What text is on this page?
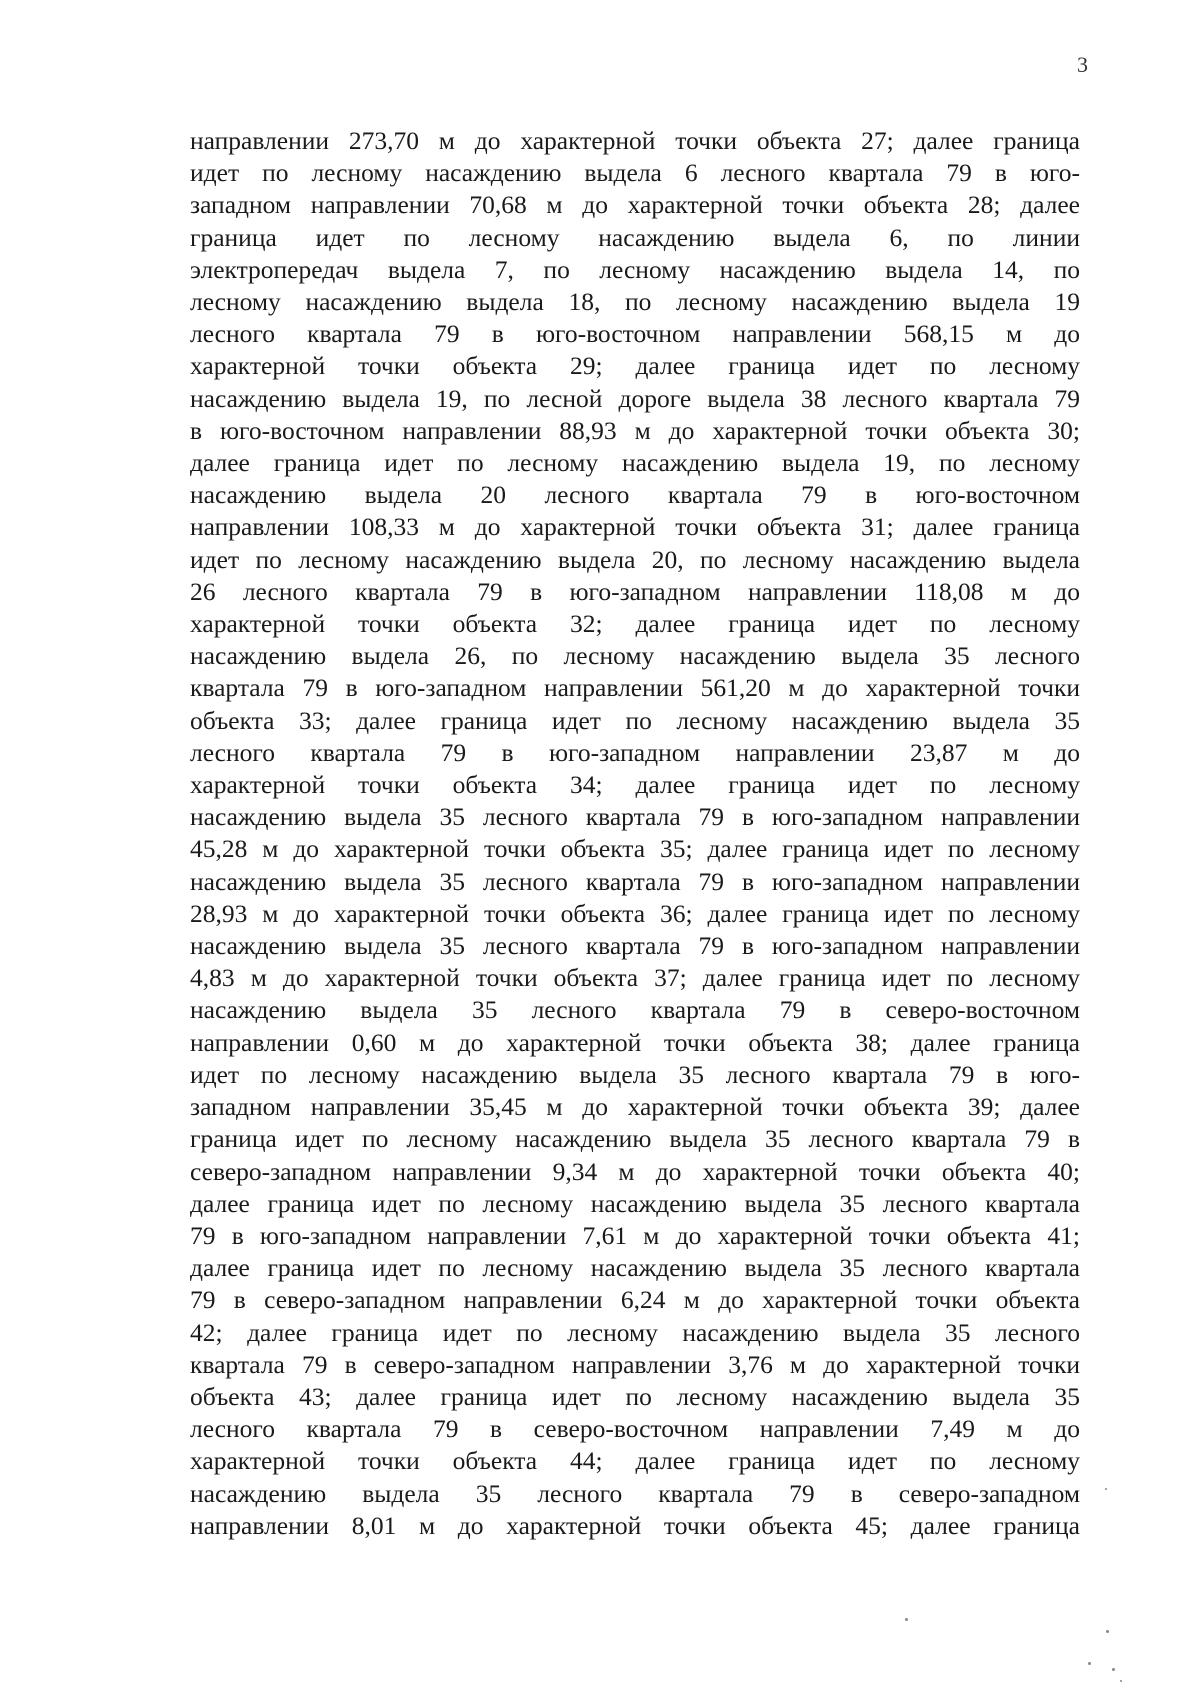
3
направлении 273,70 м до характерной точки объекта 27; далее граница
идет по лесному насаждению выдела 6 лесного квартала 79 в юго-
западном направлении 70,68 м до характерной точки объекта 28; далее
граница идет по лесному насаждению выдела 6, по линии
электропередач выдела 7, по лесному насаждению выдела 14, по
лесному насаждению выдела 18, по лесному насаждению выдела 19
лесного квартала 79 в юго-восточном направлении 568,15 м до
характерной точки объекта 29; далее граница идет по лесному
насаждению выдела 19, по лесной дороге выдела 38 лесного квартала 79
в юго-восточном направлении 88,93 м до характерной точки объекта 30;
далее граница идет по лесному насаждению выдела 19, по лесному
насаждению выдела 20 лесного квартала 79 в юго-восточном
направлении 108,33 м до характерной точки объекта 31; далее граница
идет по лесному насаждению выдела 20, по лесному насаждению выдела
26 лесного квартала 79 в юго-западном направлении 118,08 м до
характерной точки объекта 32; далее граница идет по лесному
насаждению выдела 26, по лесному насаждению выдела 35 лесного
квартала 79 в юго-западном направлении 561,20 м до характерной точки
объекта 33; далее граница идет по лесному насаждению выдела 35
лесного квартала 79 в юго-западном направлении 23,87 м до
характерной точки объекта 34; далее граница идет по лесному
насаждению выдела 35 лесного квартала 79 в юго-западном направлении
45,28 м до характерной точки объекта 35; далее граница идет по лесному
насаждению выдела 35 лесного квартала 79 в юго-западном направлении
28,93 м до характерной точки объекта 36; далее граница идет по лесному
насаждению выдела 35 лесного квартала 79 в юго-западном направлении
4,83 м до характерной точки объекта 37; далее граница идет по лесному
насаждению выдела 35 лесного квартала 79 в северо-восточном
направлении 0,60 м до характерной точки объекта 38; далее граница
идет по лесному насаждению выдела 35 лесного квартала 79 в юго-
западном направлении 35,45 м до характерной точки объекта 39; далее
граница идет по лесному насаждению выдела 35 лесного квартала 79 в
северо-западном направлении 9,34 м до характерной точки объекта 40;
далее граница идет по лесному насаждению выдела 35 лесного квартала
79 в юго-западном направлении 7,61 м до характерной точки объекта 41;
далее граница идет по лесному насаждению выдела 35 лесного квартала
79 в северо-западном направлении 6,24 м до характерной точки объекта
42; далее граница идет по лесному насаждению выдела 35 лесного
квартала 79 в северо-западном направлении 3,76 м до характерной точки
объекта 43; далее граница идет по лесному насаждению выдела 35
лесного квартала 79 в северо-восточном направлении 7,49 м до
характерной точки объекта 44; далее граница идет по лесному
насаждению выдела 35 лесного квартала 79 в северо-западном
направлении 8,01 м до характерной точки объекта 45; далее граница
